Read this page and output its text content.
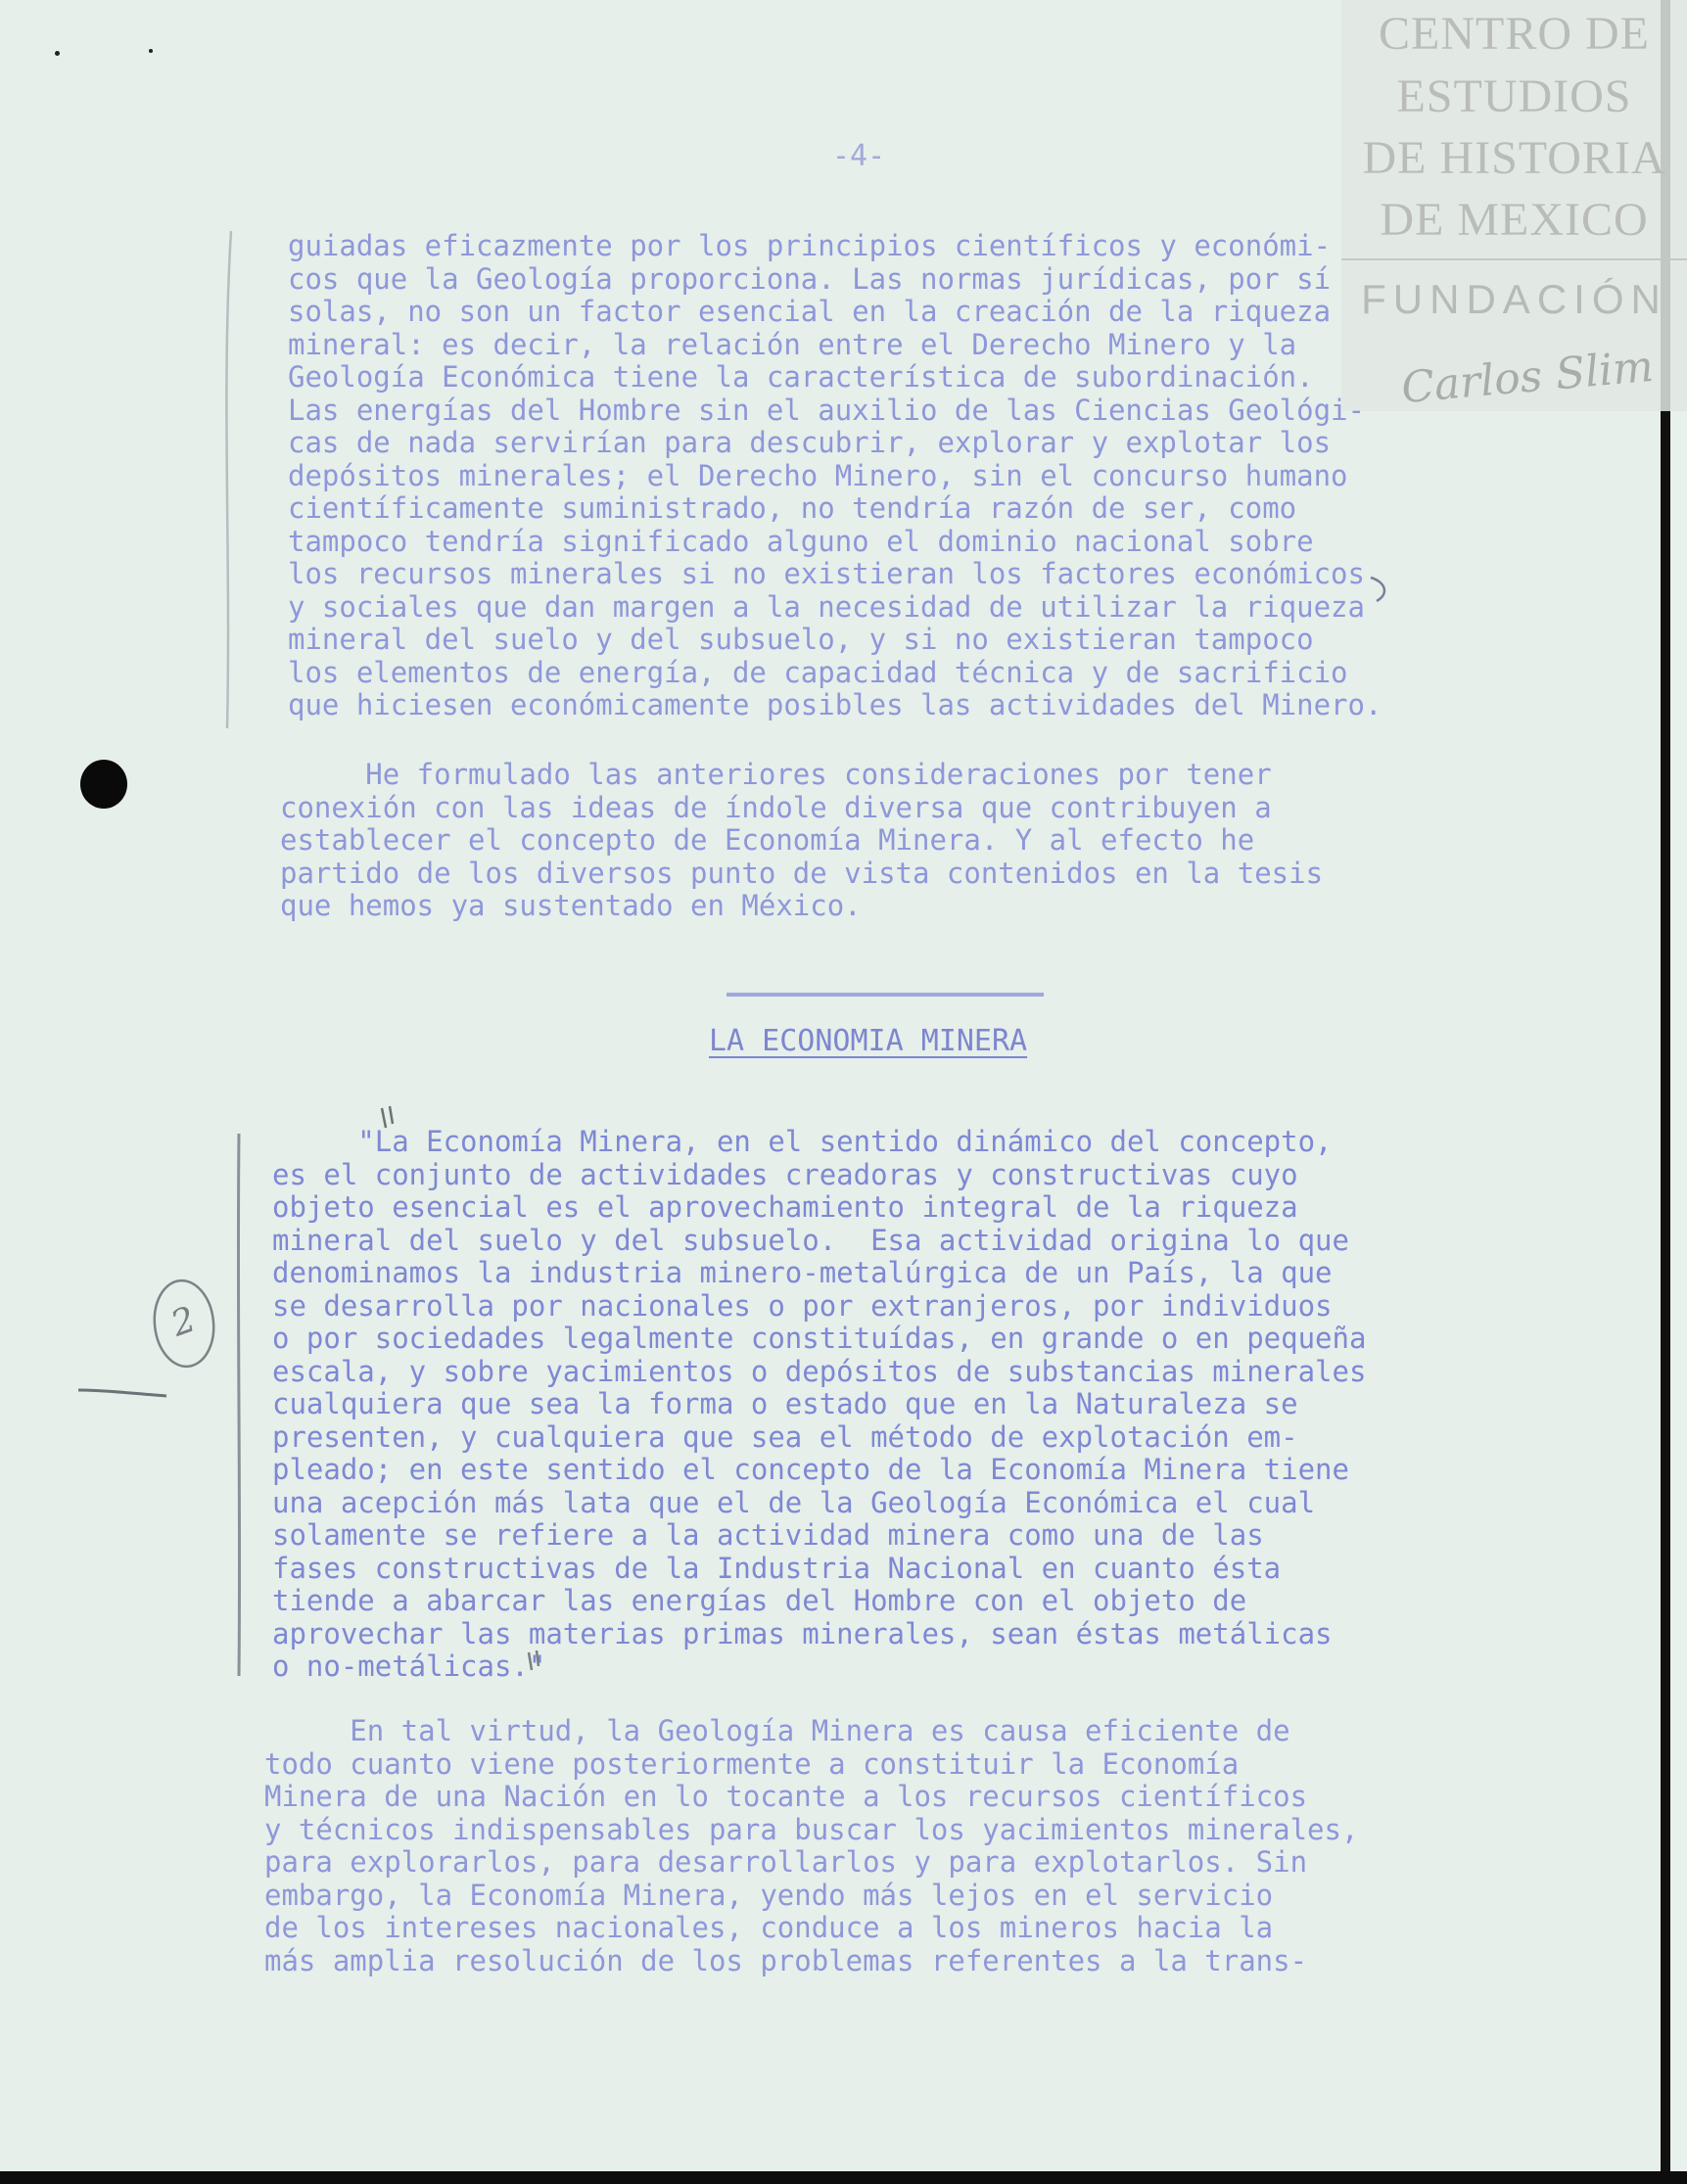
CENTRO DE
ESTUDIOS
DE HISTORIA
DE MEXICO
FUNDACIÓN
Carlos Slim
-4-
guiadas eficazmente por los principios científicos y económi-
cos que la Geología proporciona. Las normas jurídicas, por sí
solas, no son un factor esencial en la creación de la riqueza
mineral: es decir, la relación entre el Derecho Minero y la
Geología Económica tiene la característica de subordinación.
Las energías del Hombre sin el auxilio de las Ciencias Geológi-
cas de nada servirían para descubrir, explorar y explotar los
depósitos minerales; el Derecho Minero, sin el concurso humano
científicamente suministrado, no tendría razón de ser, como
tampoco tendría significado alguno el dominio nacional sobre
los recursos minerales si no existieran los factores económicos
y sociales que dan margen a la necesidad de utilizar la riqueza
mineral del suelo y del subsuelo, y si no existieran tampoco
los elementos de energía, de capacidad técnica y de sacrificio
que hiciesen económicamente posibles las actividades del Minero.
He formulado las anteriores consideraciones por tener
conexión con las ideas de índole diversa que contribuyen a
establecer el concepto de Economía Minera. Y al efecto he
partido de los diversos punto de vista contenidos en la tesis
que hemos ya sustentado en México.
LA ECONOMIA MINERA
"La Economía Minera, en el sentido dinámico del concepto,
es el conjunto de actividades creadoras y constructivas cuyo
objeto esencial es el aprovechamiento integral de la riqueza
mineral del suelo y del subsuelo.  Esa actividad origina lo que
denominamos la industria minero-metalúrgica de un País, la que
se desarrolla por nacionales o por extranjeros, por individuos
o por sociedades legalmente constituídas, en grande o en pequeña
escala, y sobre yacimientos o depósitos de substancias minerales
cualquiera que sea la forma o estado que en la Naturaleza se
presenten, y cualquiera que sea el método de explotación em-
pleado; en este sentido el concepto de la Economía Minera tiene
una acepción más lata que el de la Geología Económica el cual
solamente se refiere a la actividad minera como una de las
fases constructivas de la Industria Nacional en cuanto ésta
tiende a abarcar las energías del Hombre con el objeto de
aprovechar las materias primas minerales, sean éstas metálicas
o no-metálicas."
En tal virtud, la Geología Minera es causa eficiente de
todo cuanto viene posteriormente a constituir la Economía
Minera de una Nación en lo tocante a los recursos científicos
y técnicos indispensables para buscar los yacimientos minerales,
para explorarlos, para desarrollarlos y para explotarlos. Sin
embargo, la Economía Minera, yendo más lejos en el servicio
de los intereses nacionales, conduce a los mineros hacia la
más amplia resolución de los problemas referentes a la trans-
2
